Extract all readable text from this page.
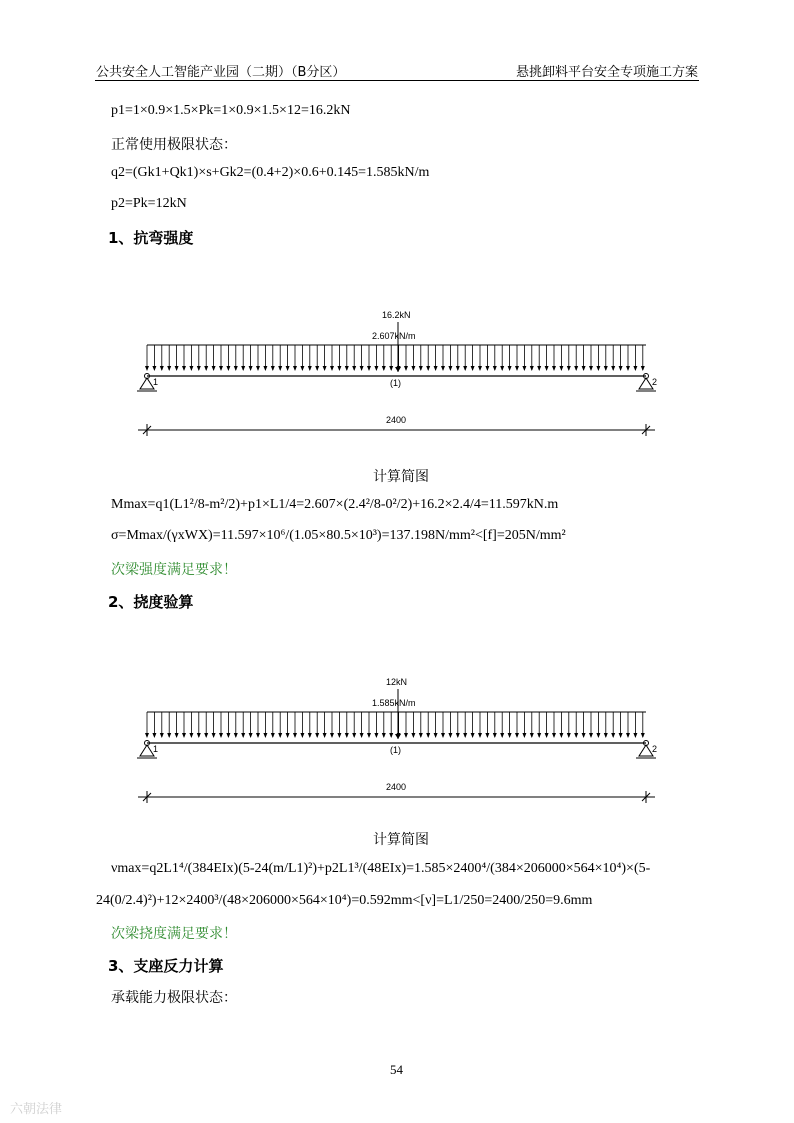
公共安全人工智能产业园（二期）（B分区）	悬挑卸料平台安全专项施工方案
p1=1×0.9×1.5×Pk=1×0.9×1.5×12=16.2kN
正常使用极限状态：
q2=(Gk1+Qk1)×s+Gk2=(0.4+2)×0.6+0.145=1.585kN/m
p2=Pk=12kN
1、抗弯强度
16.2kN
2.607kN/m
1	2
(1)
2400
计算简图
Mmax=q1(L1²/8-m²/2)+p1×L1/4=2.607×(2.4²/8-0²/2)+16.2×2.4/4=11.597kN.m
σ=Mmax/(γxWX)=11.597×10⁶/(1.05×80.5×10³)=137.198N/mm²<[f]=205N/mm²
次梁强度满足要求！
2、挠度验算
12kN
1.585kN/m
1	2
(1)
2400
计算简图
νmax=q2L1⁴/(384EIx)(5-24(m/L1)²)+p2L1³/(48EIx)=1.585×2400⁴/(384×206000×564×10⁴)×(5-
24(0/2.4)²)+12×2400³/(48×206000×564×10⁴)=0.592mm<[ν]=L1/250=2400/250=9.6mm
次梁挠度满足要求！
3、支座反力计算
承载能力极限状态：
54
六朝法律
